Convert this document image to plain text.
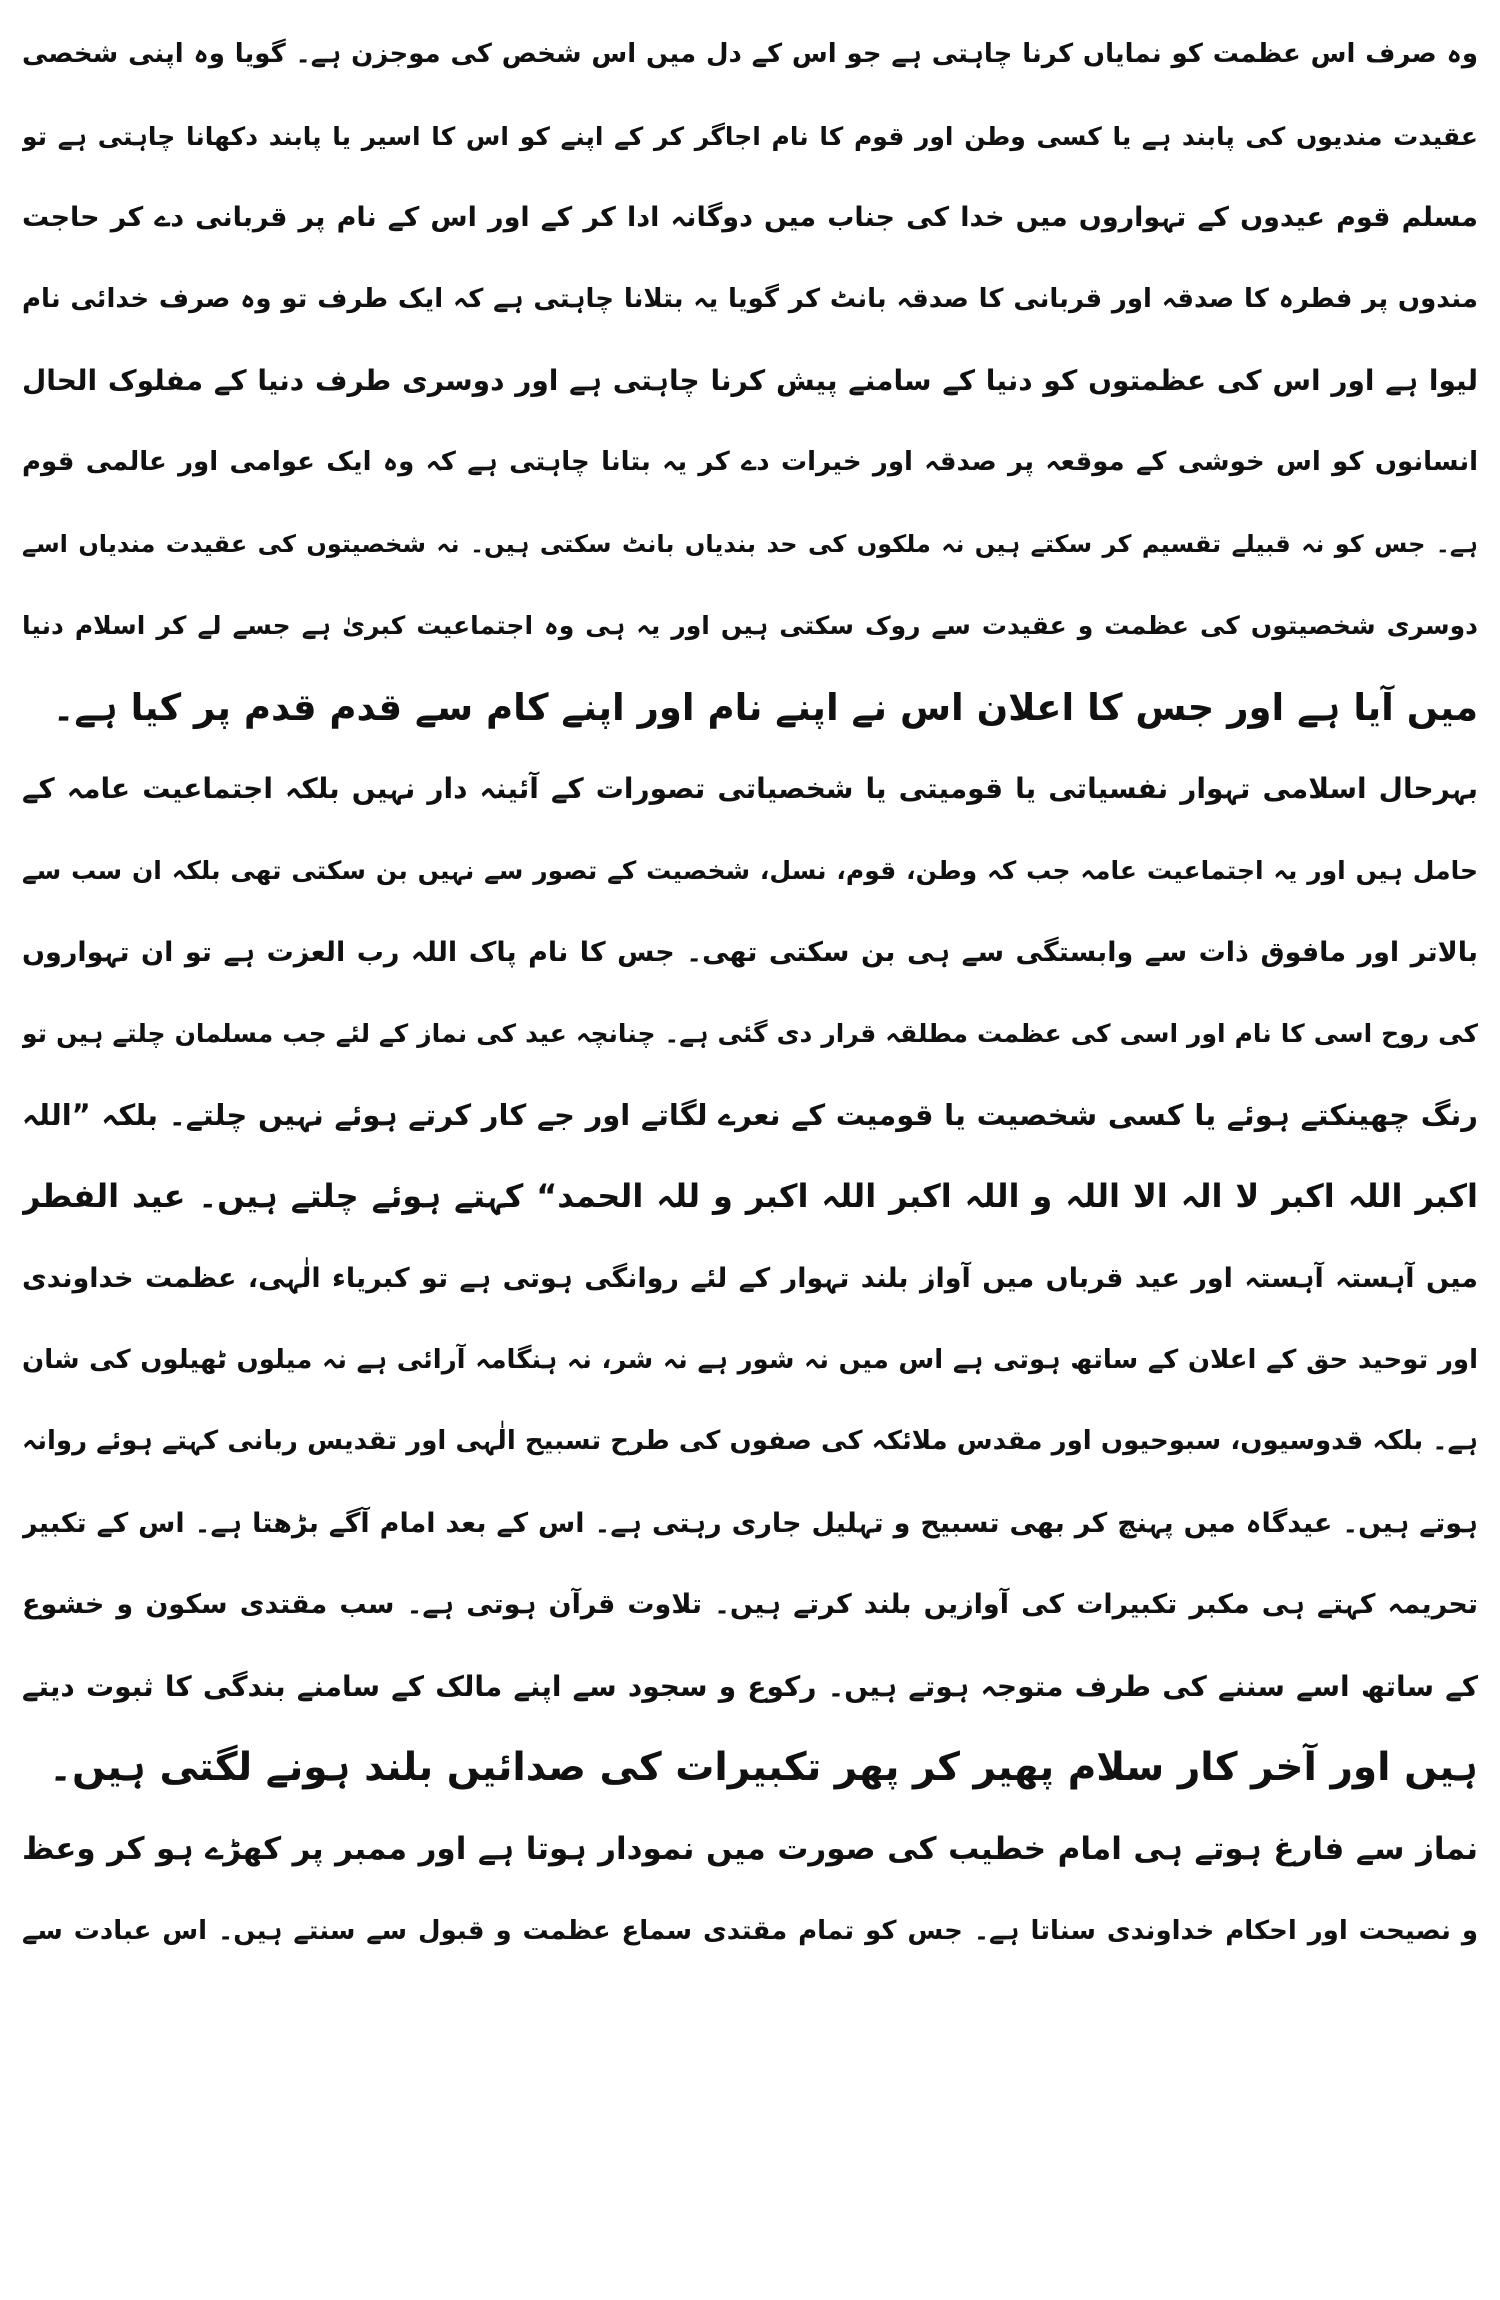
وہ صرف اس عظمت کو نمایاں کرنا چاہتی ہے جو اس کے دل میں اس شخص کی موجزن ہے۔ گویا وہ اپنی شخصی
عقیدت مندیوں کی پابند ہے یا کسی وطن اور قوم کا نام اجاگر کر کے اپنے کو اس کا اسیر یا پابند دکھانا چاہتی ہے تو
مسلم قوم عیدوں کے تہواروں میں خدا کی جناب میں دوگانہ ادا کر کے اور اس کے نام پر قربانی دے کر حاجت
مندوں پر فطرہ کا صدقہ اور قربانی کا صدقہ بانٹ کر گویا یہ بتلانا چاہتی ہے کہ ایک طرف تو وہ صرف خدائی نام
لیوا ہے اور اس کی عظمتوں کو دنیا کے سامنے پیش کرنا چاہتی ہے اور دوسری طرف دنیا کے مفلوک الحال
انسانوں کو اس خوشی کے موقعہ پر صدقہ اور خیرات دے کر یہ بتانا چاہتی ہے کہ وہ ایک عوامی اور عالمی قوم
ہے۔ جس کو نہ قبیلے تقسیم کر سکتے ہیں نہ ملکوں کی حد بندیاں بانٹ سکتی ہیں۔ نہ شخصیتوں کی عقیدت مندیاں اسے
دوسری شخصیتوں کی عظمت و عقیدت سے روک سکتی ہیں اور یہ ہی وہ اجتماعیت کبریٰ ہے جسے لے کر اسلام دنیا
میں آیا ہے اور جس کا اعلان اس نے اپنے نام اور اپنے کام سے قدم قدم پر کیا ہے۔
بہرحال اسلامی تہوار نفسیاتی یا قومیتی یا شخصیاتی تصورات کے آئینہ دار نہیں بلکہ اجتماعیت عامہ کے
حامل ہیں اور یہ اجتماعیت عامہ جب کہ وطن، قوم، نسل، شخصیت کے تصور سے نہیں بن سکتی تھی بلکہ ان سب سے
بالاتر اور مافوق ذات سے وابستگی سے ہی بن سکتی تھی۔ جس کا نام پاک اللہ رب العزت ہے تو ان تہواروں
کی روح اسی کا نام اور اسی کی عظمت مطلقہ قرار دی گئی ہے۔ چنانچہ عید کی نماز کے لئے جب مسلمان چلتے ہیں تو
رنگ چھینکتے ہوئے یا کسی شخصیت یا قومیت کے نعرے لگاتے اور جے کار کرتے ہوئے نہیں چلتے۔ بلکہ ”اللہ
اکبر اللہ اکبر لا الہ الا اللہ و اللہ اکبر اللہ اکبر و للہ الحمد“ کہتے ہوئے چلتے ہیں۔ عید الفطر
میں آہستہ آہستہ اور عید قرباں میں آواز بلند تہوار کے لئے روانگی ہوتی ہے تو کبریاء الٰہی، عظمت خداوندی
اور توحید حق کے اعلان کے ساتھ ہوتی ہے اس میں نہ شور ہے نہ شر، نہ ہنگامہ آرائی ہے نہ میلوں ٹھیلوں کی شان
ہے۔ بلکہ قدوسیوں، سبوحیوں اور مقدس ملائکہ کی صفوں کی طرح تسبیح الٰہی اور تقدیس ربانی کہتے ہوئے روانہ
ہوتے ہیں۔ عیدگاہ میں پہنچ کر بھی تسبیح و تہلیل جاری رہتی ہے۔ اس کے بعد امام آگے بڑھتا ہے۔ اس کے تکبیر
تحریمہ کہتے ہی مکبر تکبیرات کی آوازیں بلند کرتے ہیں۔ تلاوت قرآن ہوتی ہے۔ سب مقتدی سکون و خشوع
کے ساتھ اسے سننے کی طرف متوجہ ہوتے ہیں۔ رکوع و سجود سے اپنے مالک کے سامنے بندگی کا ثبوت دیتے
ہیں اور آخر کار سلام پھیر کر پھر تکبیرات کی صدائیں بلند ہونے لگتی ہیں۔
نماز سے فارغ ہوتے ہی امام خطیب کی صورت میں نمودار ہوتا ہے اور ممبر پر کھڑے ہو کر وعظ
و نصیحت اور احکام خداوندی سناتا ہے۔ جس کو تمام مقتدی سماع عظمت و قبول سے سنتے ہیں۔ اس عبادت سے
